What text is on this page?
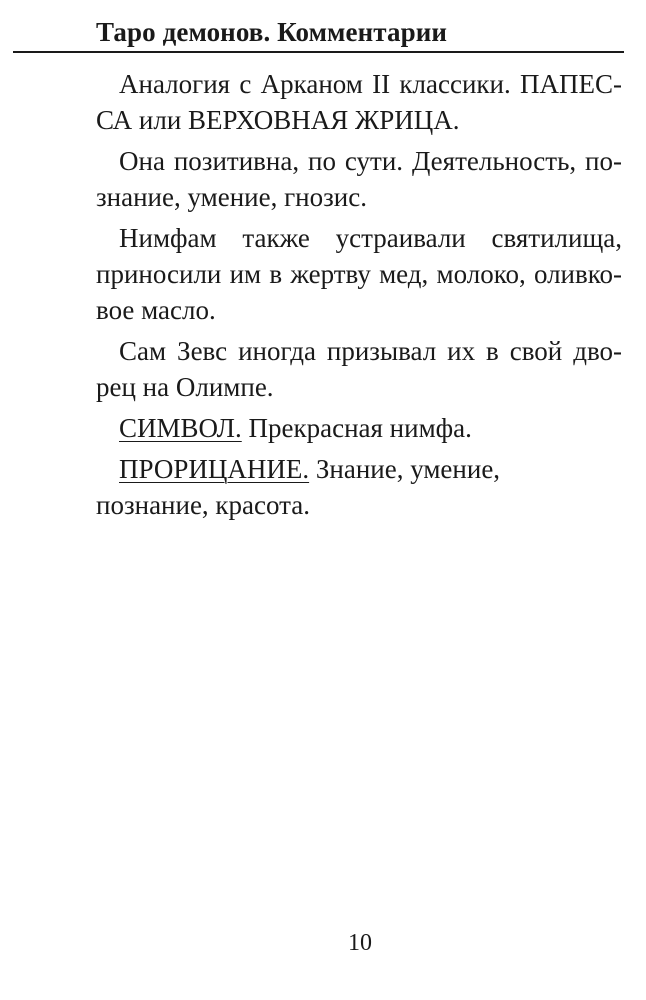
Таро демонов. Комментарии
Аналогия с Арканом II классики. ПАПЕС-
СА или ВЕРХОВНАЯ ЖРИЦА.
Она позитивна, по сути. Деятельность, по-
знание, умение, гнозис.
Нимфам также устраивали святилища,
приносили им в жертву мед, молоко, оливко-
вое масло.
Сам Зевс иногда призывал их в свой дво-
рец на Олимпе.
СИМВОЛ. Прекрасная нимфа.
ПРОРИЦАНИЕ. Знание, умение,
познание, красота.
10
